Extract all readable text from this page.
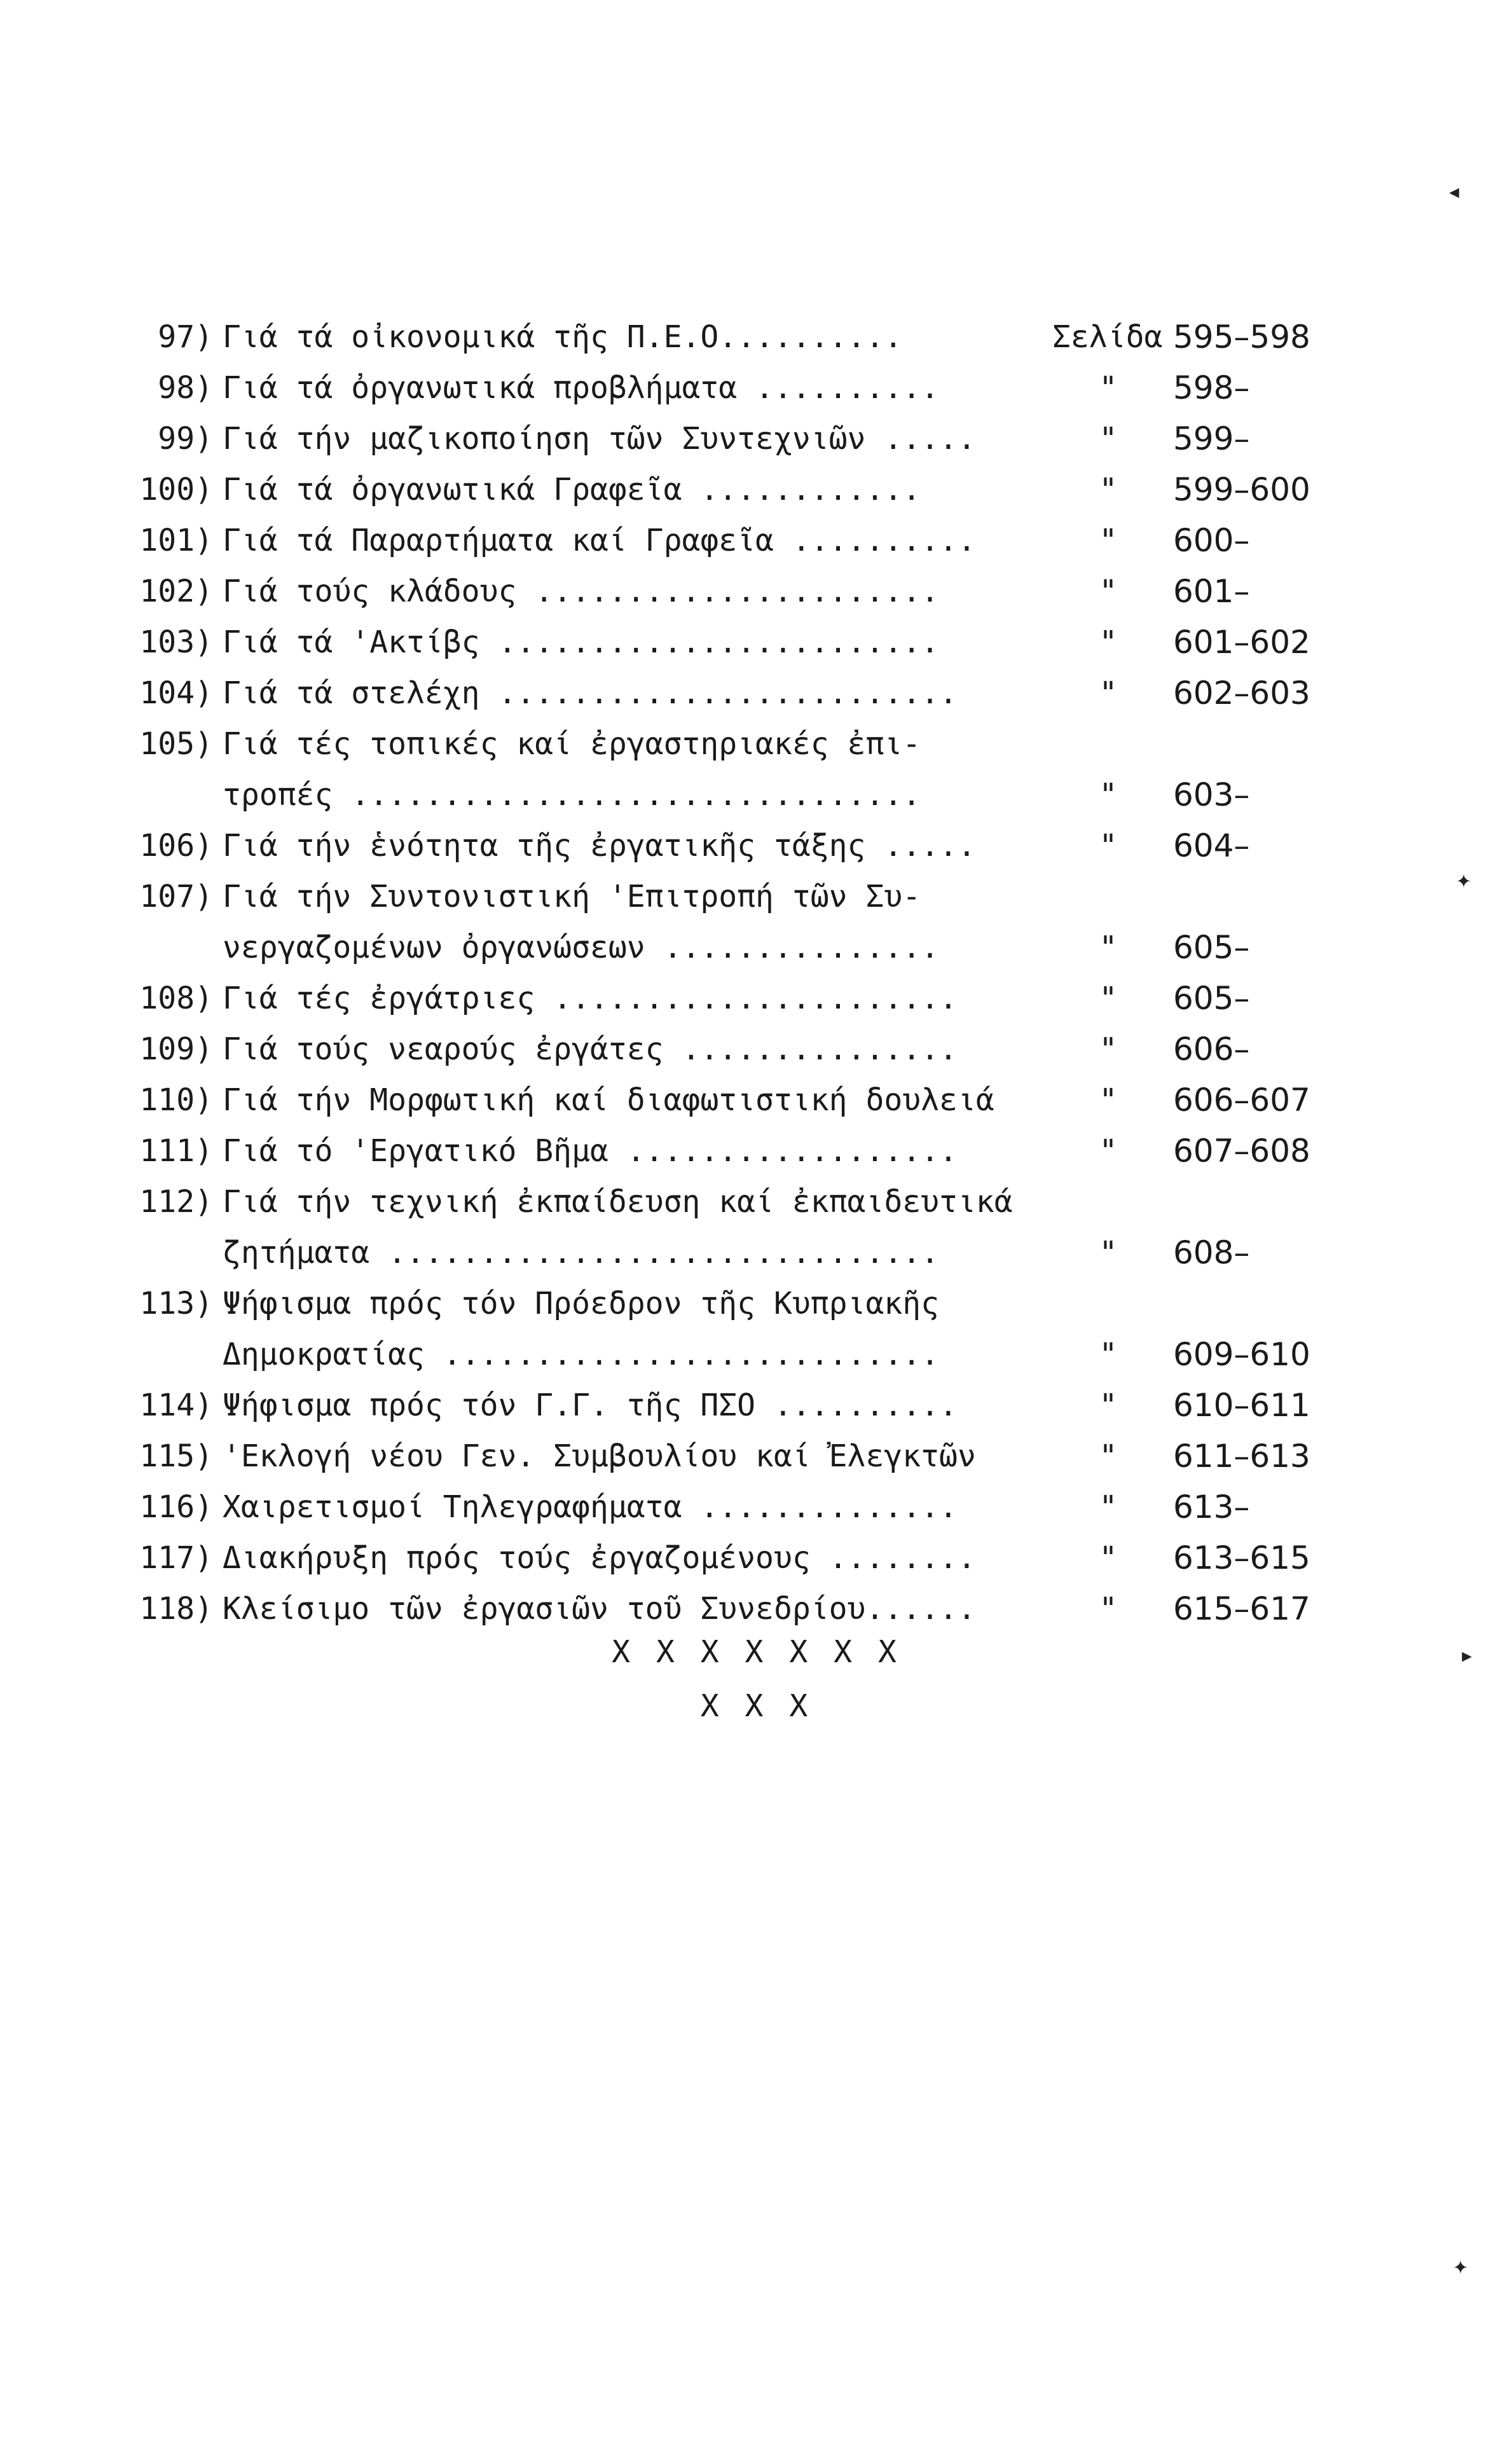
97) Γιά τά οἰκονομικά τῆς Π.Ε.Ο..........	Σελίδα 595–598
98) Γιά τά ὀργανωτικά προβλήματα ..........	"	598–
99) Γιά τήν μαζικοποίηση τῶν Συντεχνιῶν .....	"	599–
100) Γιά τά ὀργανωτικά Γραφεῖα ............	"	599–600
101) Γιά τά Παραρτήματα καί Γραφεῖα ..........	"	600–
102) Γιά τούς κλάδους ......................	"	601–
103) Γιά τά 'Ακτίβς ........................	"	601–602
104) Γιά τά στελέχη .........................	"	602–603
105) Γιά τές τοπικές καί ἐργαστηριακές ἐπι-
τροπές ...............................	"	603–
106) Γιά τήν ἑνότητα τῆς ἐργατικῆς τάξης .....	"	604–
107) Γιά τήν Συντονιστική 'Επιτροπή τῶν Συ-
νεργαζομένων ὀργανώσεων ...............	"	605–
108) Γιά τές ἐργάτριες ......................	"	605–
109) Γιά τούς νεαρούς ἐργάτες ...............	"	606–
110) Γιά τήν Μορφωτική καί διαφωτιστική δουλειά	"	606–607
111) Γιά τό 'Εργατικό Βῆμα ..................	"	607–608
112) Γιά τήν τεχνική ἐκπαίδευση καί ἐκπαιδευτικά
ζητήματα ..............................	"	608–
113) Ψήφισμα πρός τόν Πρόεδρον τῆς Κυπριακῆς
Δημοκρατίας ...........................	"	609–610
114) Ψήφισμα πρός τόν Γ.Γ. τῆς ΠΣΟ ..........	"	610–611
115) 'Εκλογή νέου Γεν. Συμβουλίου καί Ἐλεγκτῶν	"	611–613
116) Χαιρετισμοί Τηλεγραφήματα ..............	"	613–
117) Διακήρυξη πρός τούς ἐργαζομένους ........	"	613–615
118) Κλείσιμο τῶν ἐργασιῶν τοῦ Συνεδρίου......	"	615–617
X X X X X X X
X X X
◂
✦
▸
✦
